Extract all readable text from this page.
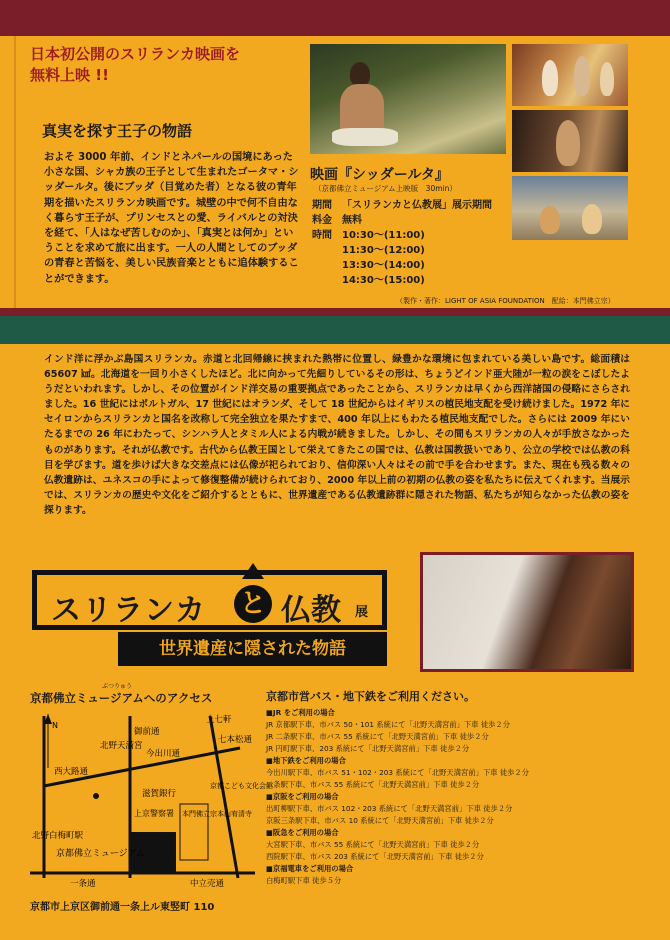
日本初公開のスリランカ映画を
無料上映 !!
真実を探す王子の物語
およそ 3000 年前、インドとネパールの国境にあった小さな国、シャカ族の王子として生まれたゴータマ・シッダールタ。後にブッダ（目覚めた者）となる彼の青年期を描いたスリランカ映画です。城壁の中で何不自由なく暮らす王子が、プリンセスとの愛、ライバルとの対決を経て、「人はなぜ苦しむのか」、「真実とは何か」ということを求めて旅に出ます。一人の人間としてのブッダの青春と苦悩を、美しい民族音楽とともに追体験することができます。
映画『シッダールタ』
（京都佛立ミュージアム上映版　30min）
期間	「スリランカと仏教展」展示期間
料金	無料
時間	10:30～(11:00)
11:30～(12:00)
13:30～(14:00)
14:30～(15:00)
（製作・著作：LIGHT OF ASIA FOUNDATION　配給：本門佛立宗）
インド洋に浮かぶ島国スリランカ。赤道と北回帰線に挟まれた熱帯に位置し、緑豊かな環境に包まれている美しい島です。総面積は 65607 ㎢。北海道を一回り小さくしたほど。北に向かって先細りしているその形は、ちょうどインド亜大陸が一粒の涙をこぼしたようだといわれます。しかし、その位置がインド洋交易の重要拠点であったことから、スリランカは早くから西洋諸国の侵略にさらされました。16 世紀にはポルトガル、17 世紀にはオランダ、そして 18 世紀からはイギリスの植民地支配を受け続けました。1972 年にセイロンからスリランカと国名を改称して完全独立を果たすまで、400 年以上にもわたる植民地支配でした。さらには 2009 年にいたるまでの 26 年にわたって、シンハラ人とタミル人による内戦が続きました。しかし、その間もスリランカの人々が手放さなかったものがあります。それが仏教です。古代から仏教王国として栄えてきたこの国では、仏教は国教扱いであり、公立の学校では仏教の科目を学びます。道を歩けば大きな交差点には仏像が祀られており、信仰深い人々はその前で手を合わせます。また、現在も残る数々の仏教遺跡は、ユネスコの手によって修復整備が続けられており、2000 年以上前の初期の仏教の姿を私たちに伝えてくれます。当展示では、スリランカの歴史や文化をご紹介するとともに、世界遺産である仏教遺跡群に隠された物語、私たちが知らなかった仏教の姿を探ります。
スリランカ と 仏教 展
世界遺産に隠された物語
ぶつりゅう
京都佛立ミュージアムへのアクセス
N
北野天満宮
御前通
上七軒
今出川通
七本松通
西大路通
北野白梅町駅
滋賀銀行
上京警察署 本門佛立宗本山宥清寺
京都こども文化会館
京都佛立ミュージアム
一条通	中立売通
京都市上京区御前通一条上ル東竪町 110
京都市営バス・地下鉄をご利用ください。
■JR をご利用の場合
JR 京都駅下車、市バス 50・101 系統にて「北野天満宮前」下車 徒歩２分
JR 二条駅下車、市バス 55 系統にて「北野天満宮前」下車 徒歩２分
JR 円町駅下車、203 系統にて「北野天満宮前」下車 徒歩２分
■地下鉄をご利用の場合
今出川駅下車、市バス 51・102・203 系統にて「北野天満宮前」下車 徒歩２分
二条駅下車、市バス 55 系統にて「北野天満宮前」下車 徒歩２分
■京阪をご利用の場合
出町柳駅下車、市バス 102・203 系統にて「北野天満宮前」下車 徒歩２分
京阪三条駅下車、市バス 10 系統にて「北野天満宮前」下車 徒歩２分
■阪急をご利用の場合
大宮駅下車、市バス 55 系統にて「北野天満宮前」下車 徒歩２分
西院駅下車、市バス 203 系統にて「北野天満宮前」下車 徒歩２分
■京福電車をご利用の場合
白梅町駅下車 徒歩５分
